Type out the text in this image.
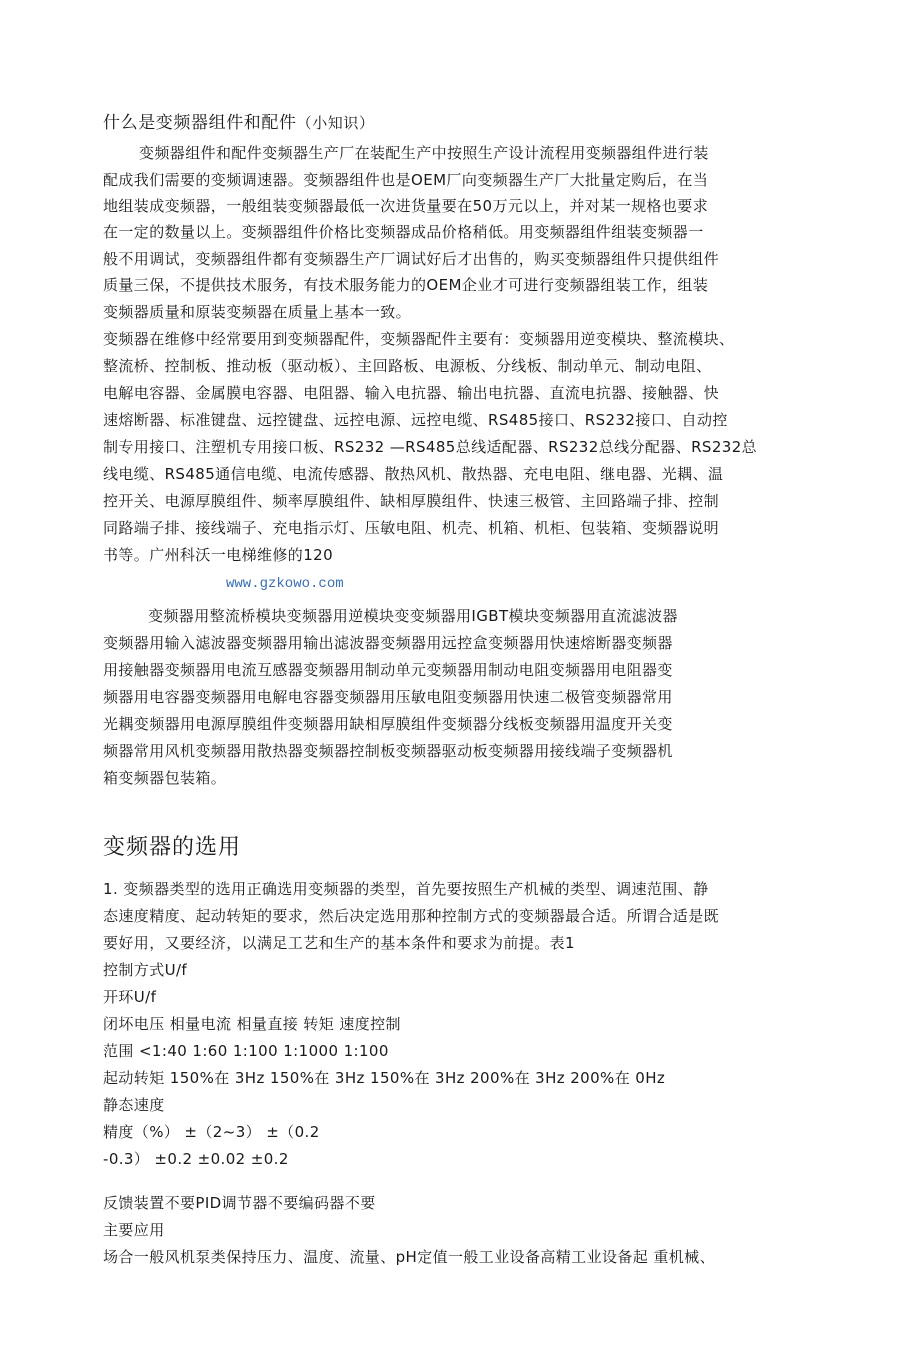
什么是变频器组件和配件（小知识）
变频器组件和配件变频器生产厂在装配生产中按照生产设计流程用变频器组件进行装
配成我们需要的变频调速器。变频器组件也是OEM厂向变频器生产厂大批量定购后，在当
地组装成变频器，一般组装变频器最低一次进货量要在50万元以上，并对某一规格也要求
在一定的数量以上。变频器组件价格比变频器成品价格稍低。用变频器组件组装变频器一
般不用调试，变频器组件都有变频器生产厂调试好后才出售的，购买变频器组件只提供组件
质量三保，不提供技术服务，有技术服务能力的OEM企业才可进行变频器组装工作，组装
变频器质量和原装变频器在质量上基本一致。
变频器在维修中经常要用到变频器配件，变频器配件主要有：变频器用逆变模块、整流模块、
整流桥、控制板、推动板（驱动板）、主回路板、电源板、分线板、制动单元、制动电阻、
电解电容器、金属膜电容器、电阻器、输入电抗器、输出电抗器、直流电抗器、接触器、快
速熔断器、标准键盘、远控键盘、远控电源、远控电缆、RS485接口、RS232接口、自动控
制专用接口、注塑机专用接口板、RS232 —RS485总线适配器、RS232总线分配器、RS232总
线电缆、RS485通信电缆、电流传感器、散热风机、散热器、充电电阻、继电器、光耦、温
控开关、电源厚膜组件、频率厚膜组件、缺相厚膜组件、快速三极管、主回路端子排、控制
同路端子排、接线端子、充电指示灯、压敏电阻、机壳、机箱、机柜、包装箱、变频器说明
书等。广州科沃一电梯维修的120
www.gzkowo.com
变频器用整流桥模块变频器用逆模块变变频器用IGBT模块变频器用直流滤波器
变频器用输入滤波器变频器用输出滤波器变频器用远控盒变频器用快速熔断器变频器
用接触器变频器用电流互感器变频器用制动单元变频器用制动电阻变频器用电阻器变
频器用电容器变频器用电解电容器变频器用压敏电阻变频器用快速二极管变频器常用
光耦变频器用电源厚膜组件变频器用缺相厚膜组件变频器分线板变频器用温度开关变
频器常用风机变频器用散热器变频器控制板变频器驱动板变频器用接线端子变频器机
箱变频器包装箱。
变频器的选用
1. 变频器类型的选用正确选用变频器的类型，首先要按照生产机械的类型、调速范围、静
态速度精度、起动转矩的要求，然后决定选用那种控制方式的变频器最合适。所谓合适是既
要好用，又要经济，以满足工艺和生产的基本条件和要求为前提。表1
控制方式U/f
开环U/f
闭坏电压 相量电流 相量直接 转矩 速度控制
范围 <1:40 1:60 1:100 1:1000 1:100
起动转矩 150%在 3Hz 150%在 3Hz 150%在 3Hz 200%在 3Hz 200%在 0Hz
静态速度
精度（%） ±（2~3） ±（0.2
-0.3） ±0.2 ±0.02 ±0.2
反馈装置不要PID调节器不要编码器不要
主要应用
场合一般风机泵类保持压力、温度、流量、pH定值一般工业设备高精工业设备起 重机械、
